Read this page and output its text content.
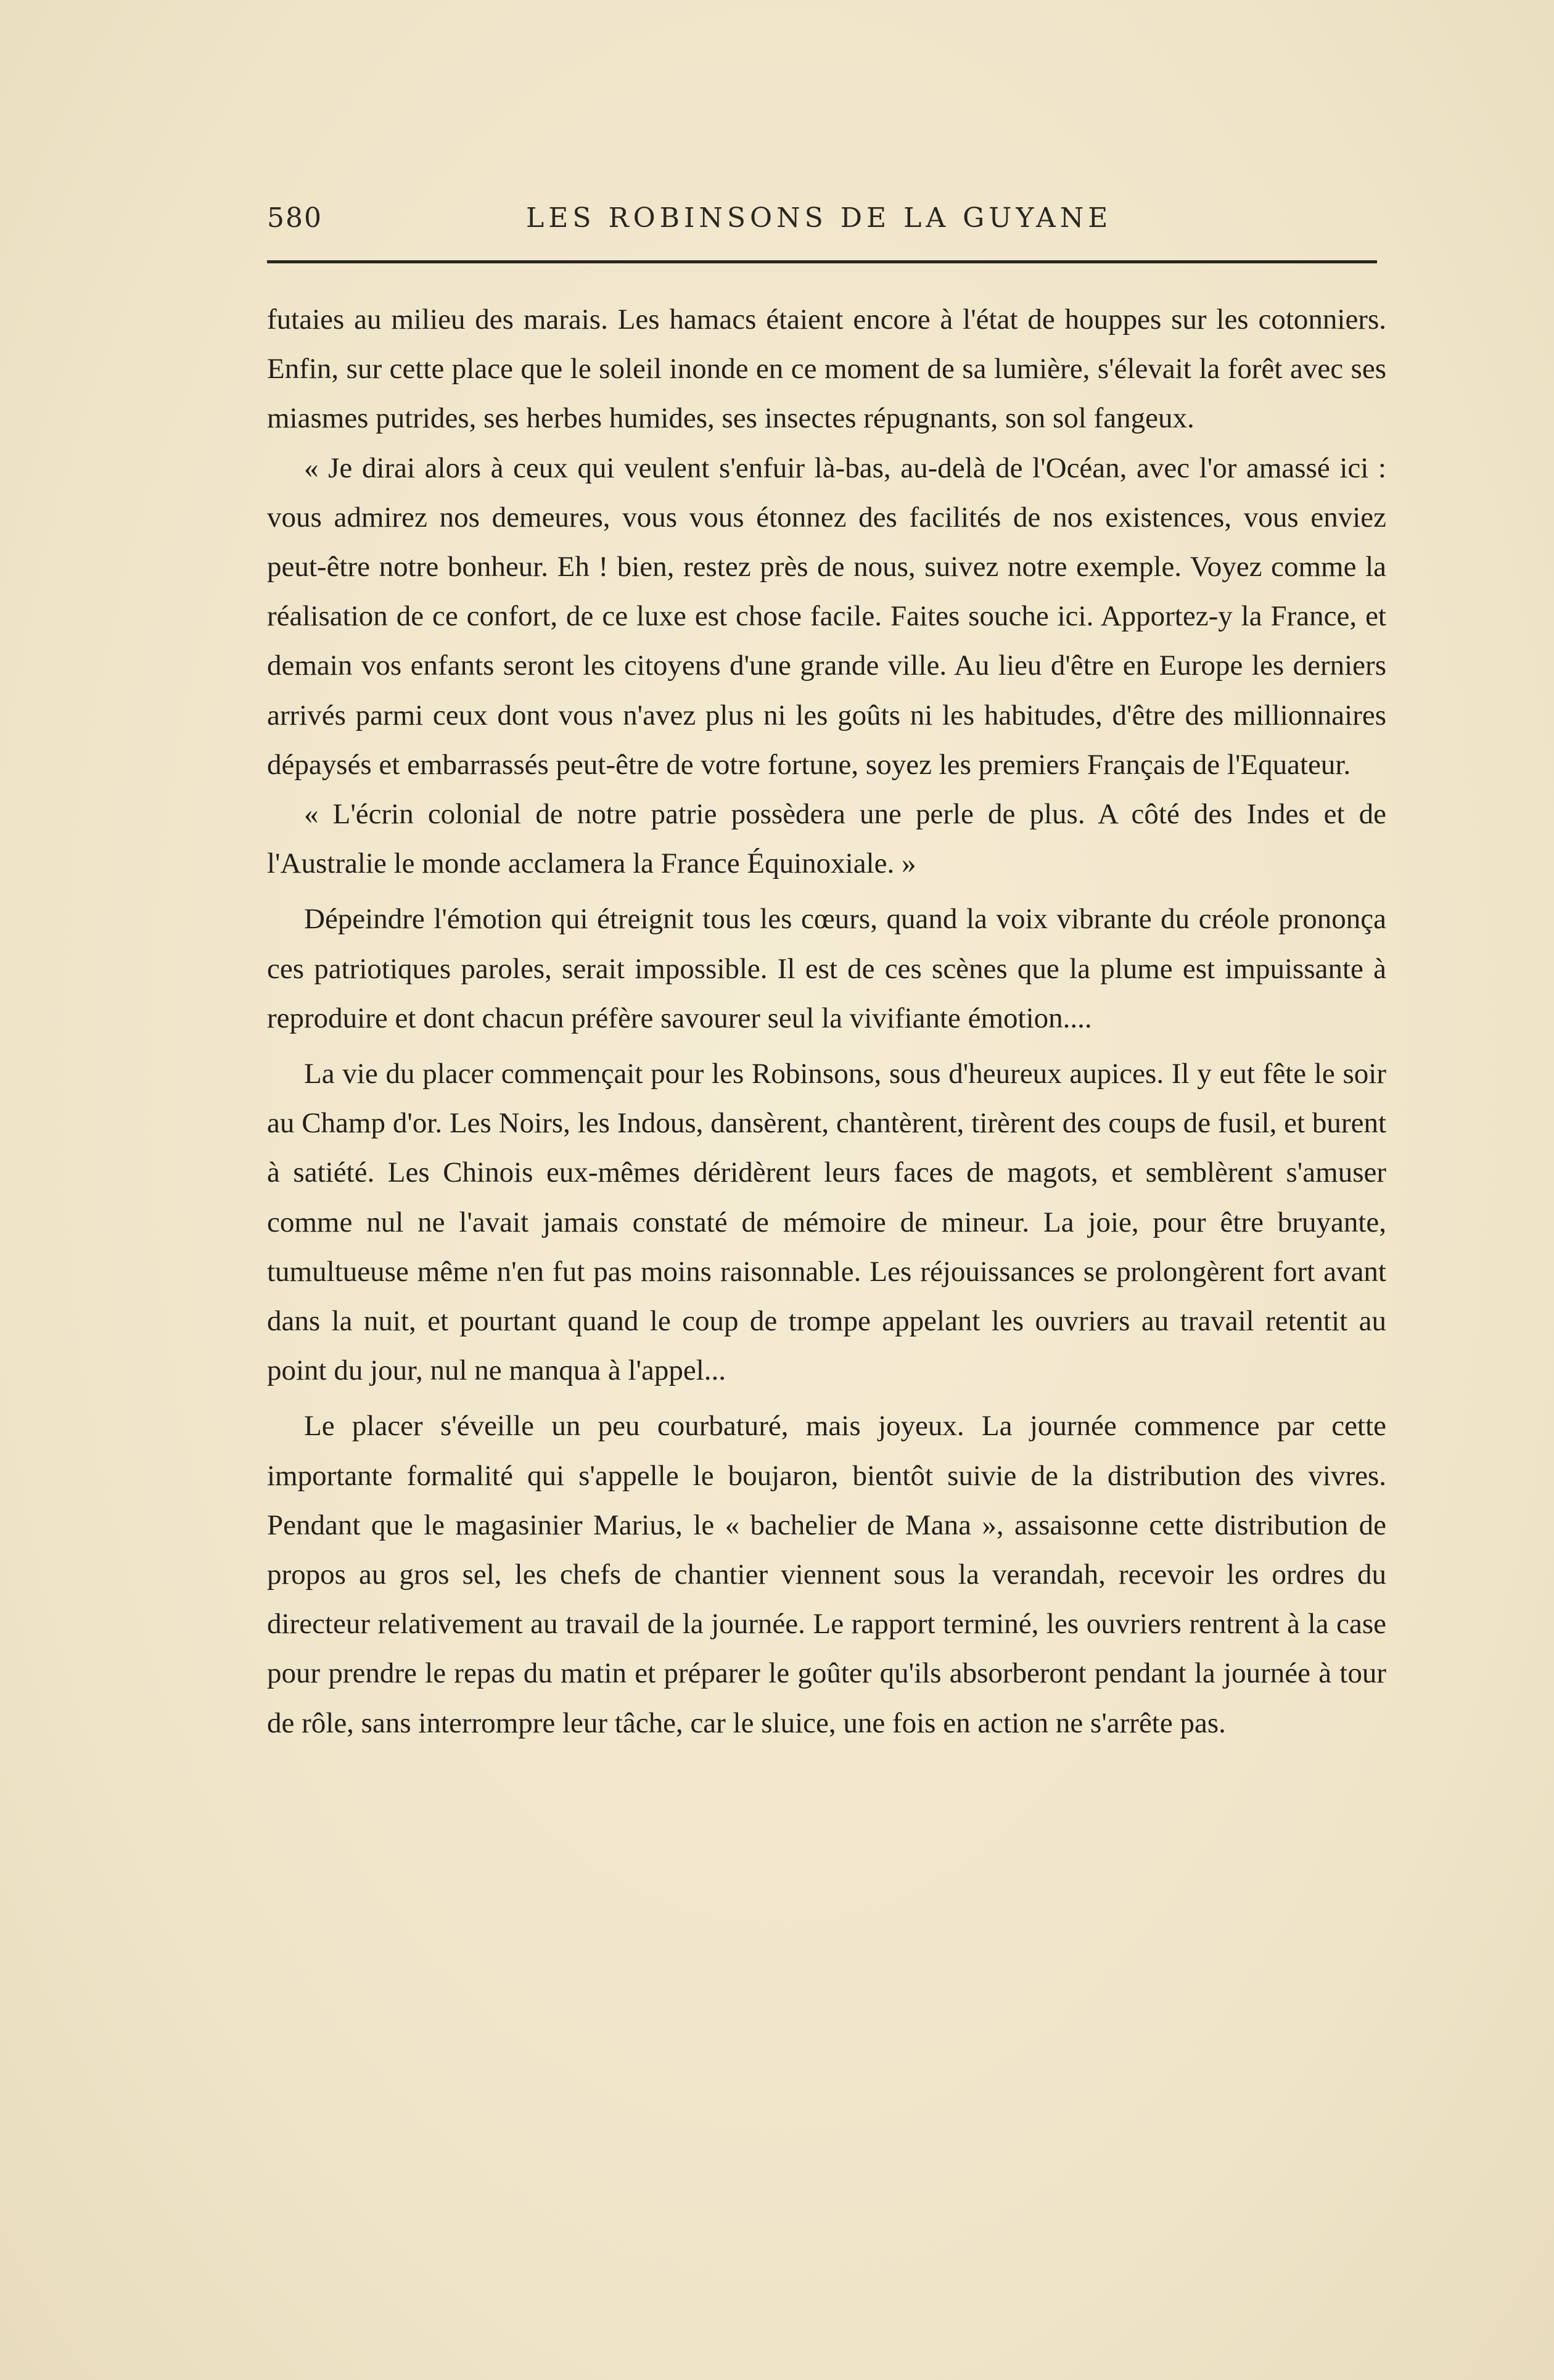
580	LES ROBINSONS DE LA GUYANE

futaies au milieu des marais. Les hamacs étaient encore à l'état de houppes sur les cotonniers. Enfin, sur cette place que le soleil inonde en ce moment de sa lumière, s'élevait la forêt avec ses miasmes putrides, ses herbes humides, ses insectes répugnants, son sol fangeux.

« Je dirai alors à ceux qui veulent s'enfuir là-bas, au-delà de l'Océan, avec l'or amassé ici : vous admirez nos demeures, vous vous étonnez des facilités de nos existences, vous enviez peut-être notre bonheur. Eh ! bien, restez près de nous, suivez notre exemple. Voyez comme la réalisation de ce confort, de ce luxe est chose facile. Faites souche ici. Apportez-y la France, et demain vos enfants seront les citoyens d'une grande ville. Au lieu d'être en Europe les derniers arrivés parmi ceux dont vous n'avez plus ni les goûts ni les habitudes, d'être des millionnaires dépaysés et embarrassés peut-être de votre fortune, soyez les premiers Français de l'Equateur.

« L'écrin colonial de notre patrie possèdera une perle de plus. A côté des Indes et de l'Australie le monde acclamera la France Équinoxiale. »

Dépeindre l'émotion qui étreignit tous les cœurs, quand la voix vibrante du créole prononça ces patriotiques paroles, serait impossible. Il est de ces scènes que la plume est impuissante à reproduire et dont chacun préfère savourer seul la vivifiante émotion....

La vie du placer commençait pour les Robinsons, sous d'heureux aupices. Il y eut fête le soir au Champ d'or. Les Noirs, les Indous, dansèrent, chantèrent, tirèrent des coups de fusil, et burent à satiété. Les Chinois eux-mêmes déridèrent leurs faces de magots, et semblèrent s'amuser comme nul ne l'avait jamais constaté de mémoire de mineur. La joie, pour être bruyante, tumultueuse même n'en fut pas moins raisonnable. Les réjouissances se prolongèrent fort avant dans la nuit, et pourtant quand le coup de trompe appelant les ouvriers au travail retentit au point du jour, nul ne manqua à l'appel...

Le placer s'éveille un peu courbaturé, mais joyeux. La journée commence par cette importante formalité qui s'appelle le boujaron, bientôt suivie de la distribution des vivres. Pendant que le magasinier Marius, le « bachelier de Mana », assaisonne cette distribution de propos au gros sel, les chefs de chantier viennent sous la verandah, recevoir les ordres du directeur relativement au travail de la journée. Le rapport terminé, les ouvriers rentrent à la case pour prendre le repas du matin et préparer le goûter qu'ils absorberont pendant la journée à tour de rôle, sans interrompre leur tâche, car le sluice, une fois en action ne s'arrête pas.
